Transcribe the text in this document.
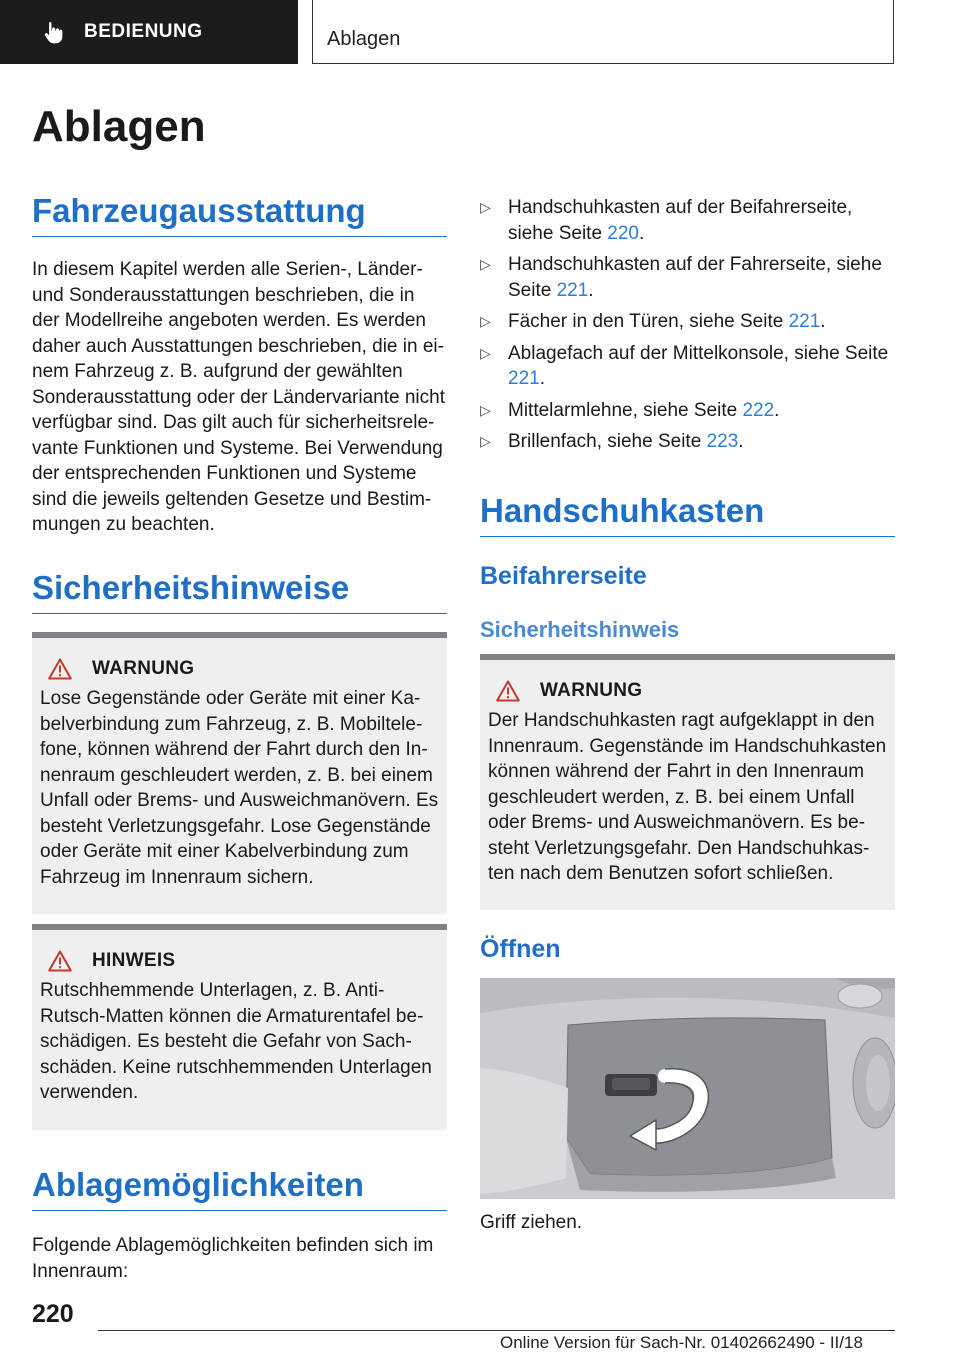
BEDIENUNG	Ablagen
Ablagen
Fahrzeugausstattung

In diesem Kapitel werden alle Serien-, Länder- und Sonderausstattungen beschrieben, die in der Modellreihe angeboten werden. Es werden daher auch Ausstattungen beschrieben, die in einem Fahrzeug z. B. aufgrund der gewählten Sonderausstattung oder der Ländervariante nicht verfügbar sind. Das gilt auch für sicherheitsrelevante Funktionen und Systeme. Bei Verwendung der entsprechenden Funktionen und Systeme sind die jeweils geltenden Gesetze und Bestimmungen zu beachten.

Sicherheitshinweise
WARNUNG
Lose Gegenstände oder Geräte mit einer Kabelverbindung zum Fahrzeug, z. B. Mobiltelefone, können während der Fahrt durch den Innenraum geschleudert werden, z. B. bei einem Unfall oder Brems- und Ausweichmanövern. Es besteht Verletzungsgefahr. Lose Gegenstände oder Geräte mit einer Kabelverbindung zum Fahrzeug im Innenraum sichern.
HINWEIS
Rutschhemmende Unterlagen, z. B. Anti-Rutsch-Matten können die Armaturentafel beschädigen. Es besteht die Gefahr von Sachschäden. Keine rutschhemmenden Unterlagen verwenden.
Ablagemöglichkeiten

Folgende Ablagemöglichkeiten befinden sich im Innenraum:

▷ Handschuhkasten auf der Beifahrerseite, siehe Seite 220.
▷ Handschuhkasten auf der Fahrerseite, siehe Seite 221.
▷ Fächer in den Türen, siehe Seite 221.
▷ Ablagefach auf der Mittelkonsole, siehe Seite 221.
▷ Mittelarmlehne, siehe Seite 222.
▷ Brillenfach, siehe Seite 223.
Handschuhkasten
Beifahrerseite
Sicherheitshinweis
WARNUNG
Der Handschuhkasten ragt aufgeklappt in den Innenraum. Gegenstände im Handschuhkasten können während der Fahrt in den Innenraum geschleudert werden, z. B. bei einem Unfall oder Brems- und Ausweichmanövern. Es besteht Verletzungsgefahr. Den Handschuhkasten nach dem Benutzen sofort schließen.
Öffnen

Griff ziehen.

220
Online Version für Sach-Nr. 01402662490 - II/18
